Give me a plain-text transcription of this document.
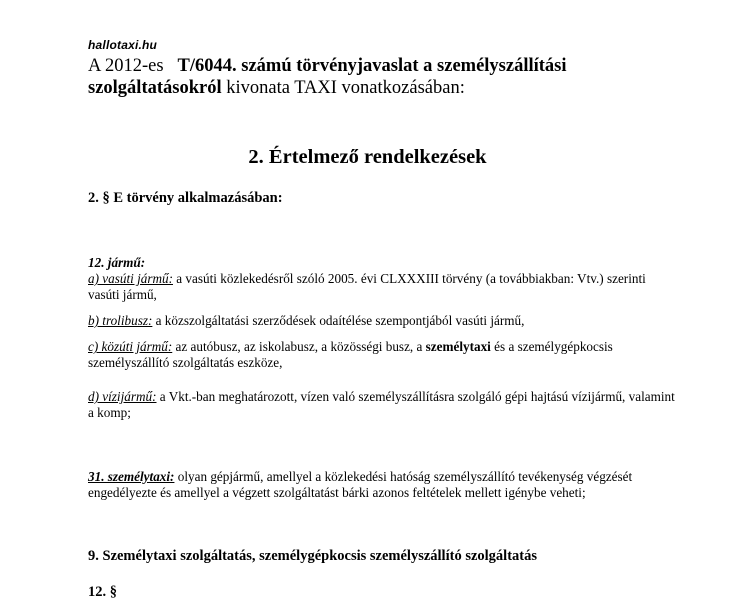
hallotaxi.hu
A 2012-es T/6044. számú törvényjavaslat a személyszállítási
szolgáltatásokról kivonata TAXI vonatkozásában:
2. Értelmező rendelkezések
2. § E törvény alkalmazásában:
12. jármű:
a) vasúti jármű: a vasúti közlekedésről szóló 2005. évi CLXXXIII törvény (a továbbiakban: Vtv.) szerinti vasúti jármű,
b) trolibusz: a közszolgáltatási szerződések odaítélése szempontjából vasúti jármű,
c) közúti jármű: az autóbusz, az iskolabusz, a közösségi busz, a személytaxi és a személygépkocsis személyszállító szolgáltatás eszköze,
d) vízijármű: a Vkt.-ban meghatározott, vízen való személyszállításra szolgáló gépi hajtású vízijármű, valamint a komp;
31. személytaxi: olyan gépjármű, amellyel a közlekedési hatóság személyszállító tevékenység végzését engedélyezte és amellyel a végzett szolgáltatást bárki azonos feltételek mellett igénybe veheti;
9. Személytaxi szolgáltatás, személygépkocsis személyszállító szolgáltatás
12. §
